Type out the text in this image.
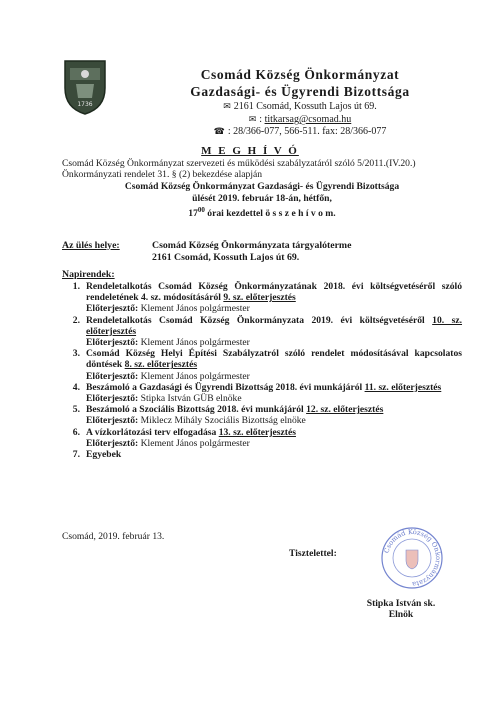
1736
Csomád Község Önkormányzat
Gazdasági- és Ügyrendi Bizottsága
✉ 2161 Csomád, Kossuth Lajos út 69.
✉ : titkarsag@csomad.hu
☎ : 28/366-077, 566-511. fax: 28/366-077
M E G H Í V Ó
Csomád Község Önkormányzat szervezeti és működési szabályzatáról szóló 5/2011.(IV.20.) Önkormányzati rendelet 31. § (2) bekezdése alapján
Csomád Község Önkormányzat Gazdasági- és Ügyrendi Bizottsága
ülését 2019. február 18-án, hétfőn,
$17^{00}$ órai kezdettel ö s s z e h í v o m.
Az ülés helye:	Csomád Község Önkormányzata tárgyalóterme
2161 Csomád, Kossuth Lajos út 69.
Napirendek:
1. Rendeletalkotás Csomád Község Önkormányzatának 2018. évi költségvetéséről szóló rendeletének 4. sz. módosításáról 9. sz. előterjesztés
Előterjesztő: Klement János polgármester
2. Rendeletalkotás Csomád Község Önkormányzata 2019. évi költségvetéséről 10. sz. előterjesztés
Előterjesztő: Klement János polgármester
3. Csomád Község Helyi Építési Szabályzatról szóló rendelet módosításával kapcsolatos döntések 8. sz. előterjesztés
Előterjesztő: Klement János polgármester
4. Beszámoló a Gazdasági és Ügyrendi Bizottság 2018. évi munkájáról 11. sz. előterjesztés
Előterjesztő: Stipka István GÜB elnöke
5. Beszámoló a Szociális Bizottság 2018. évi munkájáról 12. sz. előterjesztés
Előterjesztő: Miklecz Mihály Szociális Bizottság elnöke
6. A vízkorlátozási terv elfogadása 13. sz. előterjesztés
Előterjesztő: Klement János polgármester
7. Egyebek
Csomád, 2019. február 13.
Tisztelettel:	Csomád Község Önkormányzata
Stipka István sk.
Elnök
